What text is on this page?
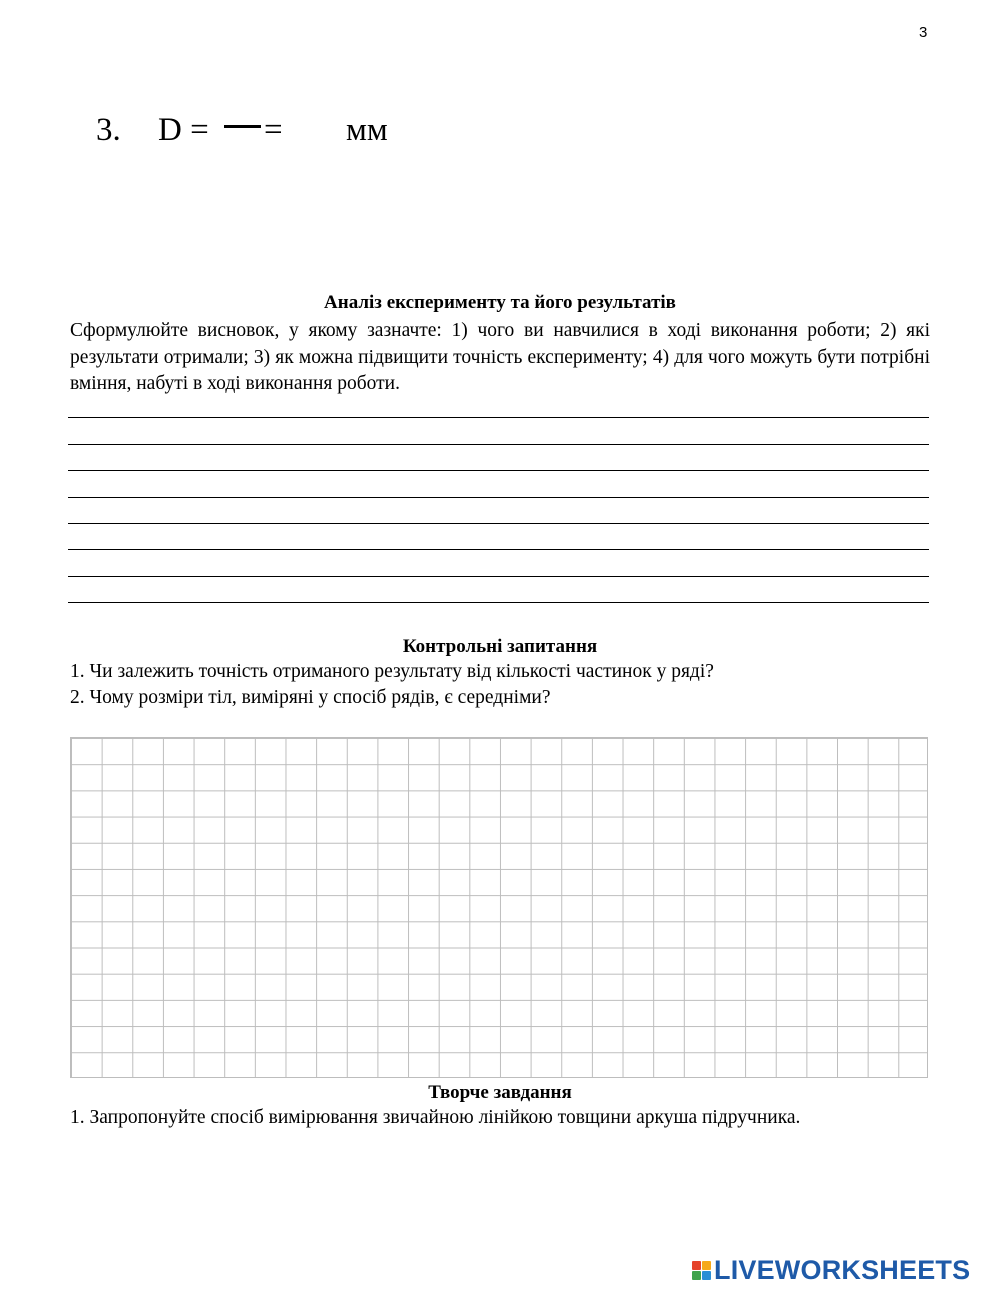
3
3. D = = мм
Аналіз експерименту та його результатів
Сформулюйте висновок, у якому зазначте: 1) чого ви навчилися в ході виконання роботи; 2) які результати отримали; 3) як можна підвищити точність експерименту; 4) для чого можуть бути потрібні вміння, набуті в ході виконання роботи.
Контрольні запитання
1. Чи залежить точність отриманого результату від кількості частинок у ряді?
2. Чому розміри тіл, виміряні у спосіб рядів, є середніми?
Творче завдання
1. Запропонуйте спосіб вимірювання звичайною лінійкою товщини аркуша підручника.
LIVEWORKSHEETS
